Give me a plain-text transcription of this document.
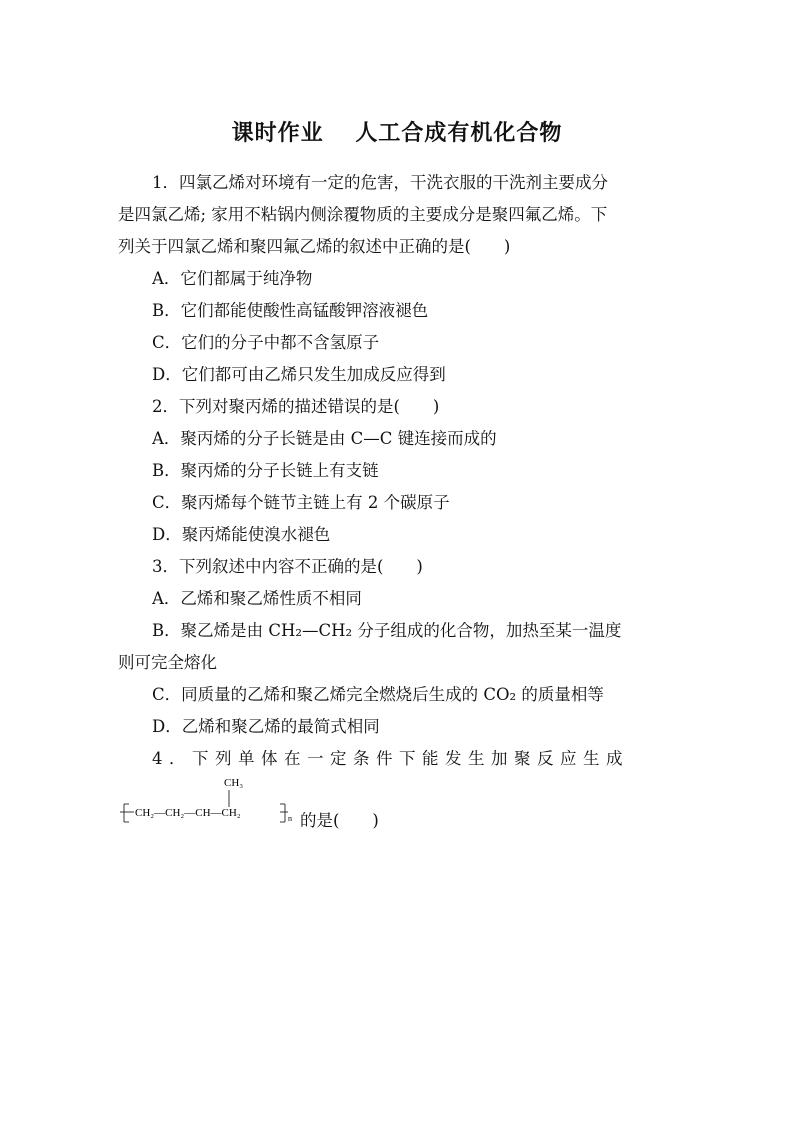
课时作业　 人工合成有机化合物
1．四氯乙烯对环境有一定的危害，干洗衣服的干洗剂主要成分
是四氯乙烯; 家用不粘锅内侧涂覆物质的主要成分是聚四氟乙烯。下
列关于四氯乙烯和聚四氟乙烯的叙述中正确的是(　　)
A．它们都属于纯净物
B．它们都能使酸性高锰酸钾溶液褪色
C．它们的分子中都不含氢原子
D．它们都可由乙烯只发生加成反应得到
2．下列对聚丙烯的描述错误的是(　　)
A．聚丙烯的分子长链是由 C—C 键连接而成的
B．聚丙烯的分子长链上有支链
C．聚丙烯每个链节主链上有 2 个碳原子
D．聚丙烯能使溴水褪色
3．下列叙述中内容不正确的是(　　)
A．乙烯和聚乙烯性质不相同
B．聚乙烯是由 CH₂—CH₂ 分子组成的化合物，加热至某一温度
则可完全熔化
C．同质量的乙烯和聚乙烯完全燃烧后生成的 CO₂ 的质量相等
D．乙烯和聚乙烯的最简式相同
4．下列单体在一定条件下能发生加聚反应生成
CH₃
CH₂—CH₂—CH—CH₂	n 的是(　　)
